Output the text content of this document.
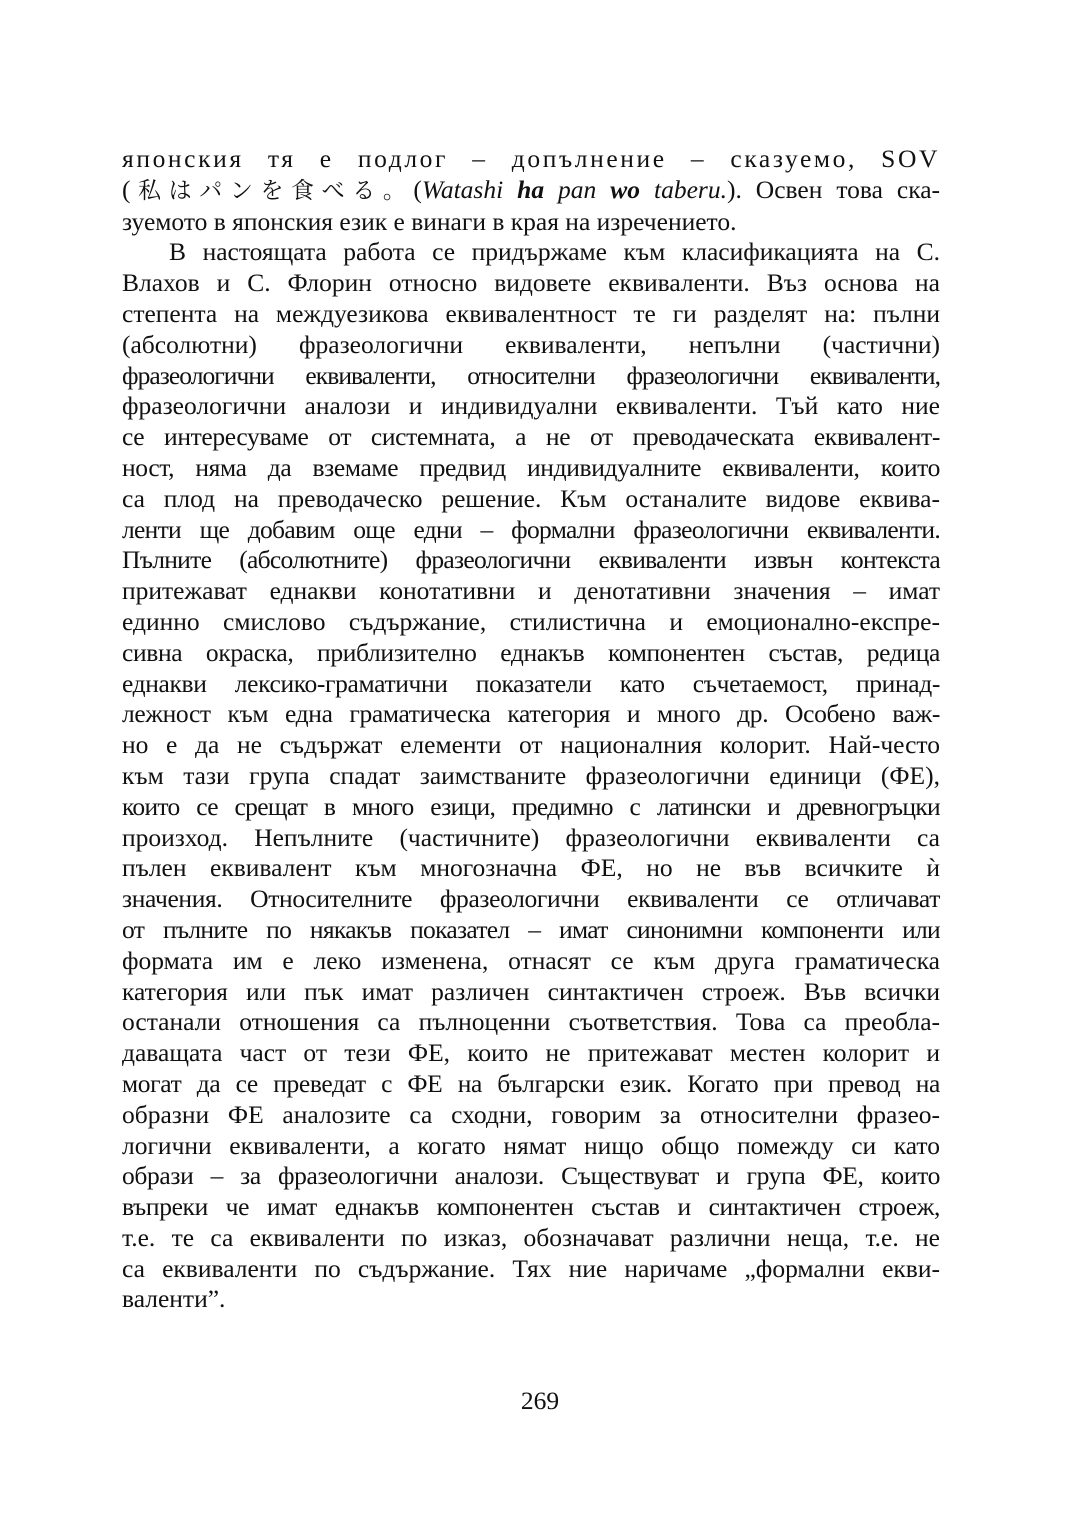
японския тя е подлог – допълнение – сказуемо, SOV
(私はパンを食べる。(Watashi ha pan wo taberu.). Освен това ска-
зуемото в японския език е винаги в края на изречението.

В настоящата работа се придържаме към класификацията на С.
Влахов и С. Флорин относно видовете еквиваленти. Въз основа на
степента на междуезикова еквивалентност те ги разделят на: пълни
(абсолютни) фразеологични еквиваленти, непълни (частични)
фразеологични еквиваленти, относителни фразеологични еквиваленти,
фразеологични аналози и индивидуални еквиваленти. Тъй като ние
се интересуваме от системната, а не от преводаческата еквивалент-
ност, няма да вземаме предвид индивидуалните еквиваленти, които
са плод на преводаческо решение. Към останалите видове еквива-
ленти ще добавим още едни – формални фразеологични еквиваленти.
Пълните (абсолютните) фразеологични еквиваленти извън контекста
притежават еднакви конотативни и денотативни значения – имат
единно смислово съдържание, стилистична и емоционално-експре-
сивна окраска, приблизително еднакъв компонентен състав, редица
еднакви лексико-граматични показатели като съчетаемост, принад-
лежност към една граматическа категория и много др. Особено важ-
но е да не съдържат елементи от националния колорит. Най-често
към тази група спадат заимстваните фразеологични единици (ФЕ),
които се срещат в много езици, предимно с латински и древногръцки
произход. Непълните (частичните) фразеологични еквиваленти са
пълен еквивалент към многозначна ФЕ, но не във всичките ѝ
значения. Относителните фразеологични еквиваленти се отличават
от пълните по някакъв показател – имат синонимни компоненти или
формата им е леко изменена, отнасят се към друга граматическа
категория или пък имат различен синтактичен строеж. Във всички
останали отношения са пълноценни съответствия. Това са преобла-
даващата част от тези ФЕ, които не притежават местен колорит и
могат да се преведат с ФЕ на български език. Когато при превод на
образни ФЕ аналозите са сходни, говорим за относителни фразео-
логични еквиваленти, а когато нямат нищо общо помежду си като
образи – за фразеологични аналози. Съществуват и група ФЕ, които
въпреки че имат еднакъв компонентен състав и синтактичен строеж,
т.е. те са еквиваленти по изказ, обозначават различни неща, т.е. не
са еквиваленти по съдържание. Тях ние наричаме „формални екви-
валенти”.

269
